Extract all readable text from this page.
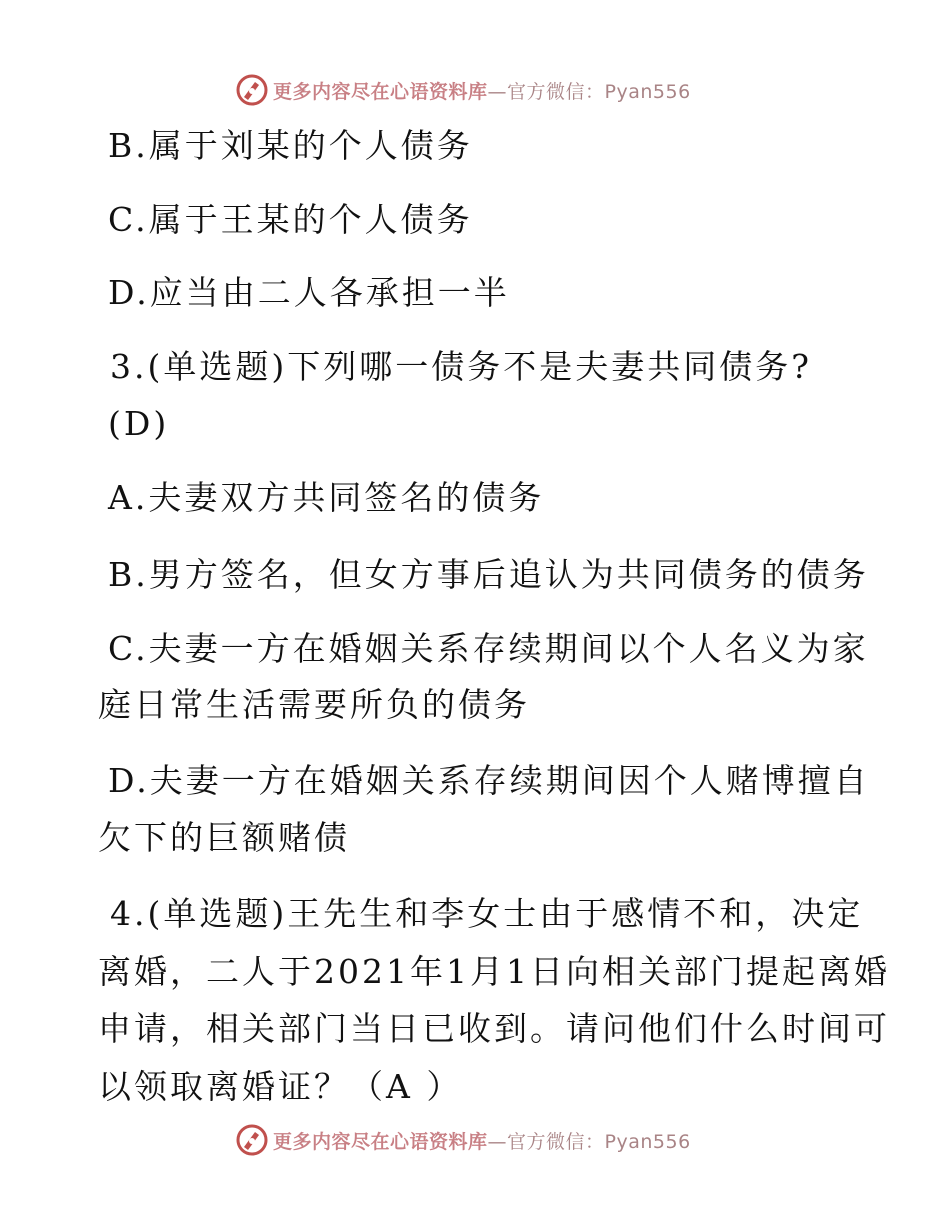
更多内容尽在心语资料库 —官方微信：Pyan556
B.属于刘某的个人债务
C.属于王某的个人债务
D.应当由二人各承担一半
3.(单选题)下列哪一债务不是夫妻共同债务?
(D)
A.夫妻双方共同签名的债务
B.男方签名，但女方事后追认为共同债务的债务
C.夫妻一方在婚姻关系存续期间以个人名义为家
庭日常生活需要所负的债务
D.夫妻一方在婚姻关系存续期间因个人赌博擅自
欠下的巨额赌债
4.(单选题)王先生和李女士由于感情不和，决定
离婚，二人于2021年1月1日向相关部门提起离婚
申请，相关部门当日已收到。请问他们什么时间可
以领取离婚证？（A ）
更多内容尽在心语资料库 —官方微信：Pyan556
